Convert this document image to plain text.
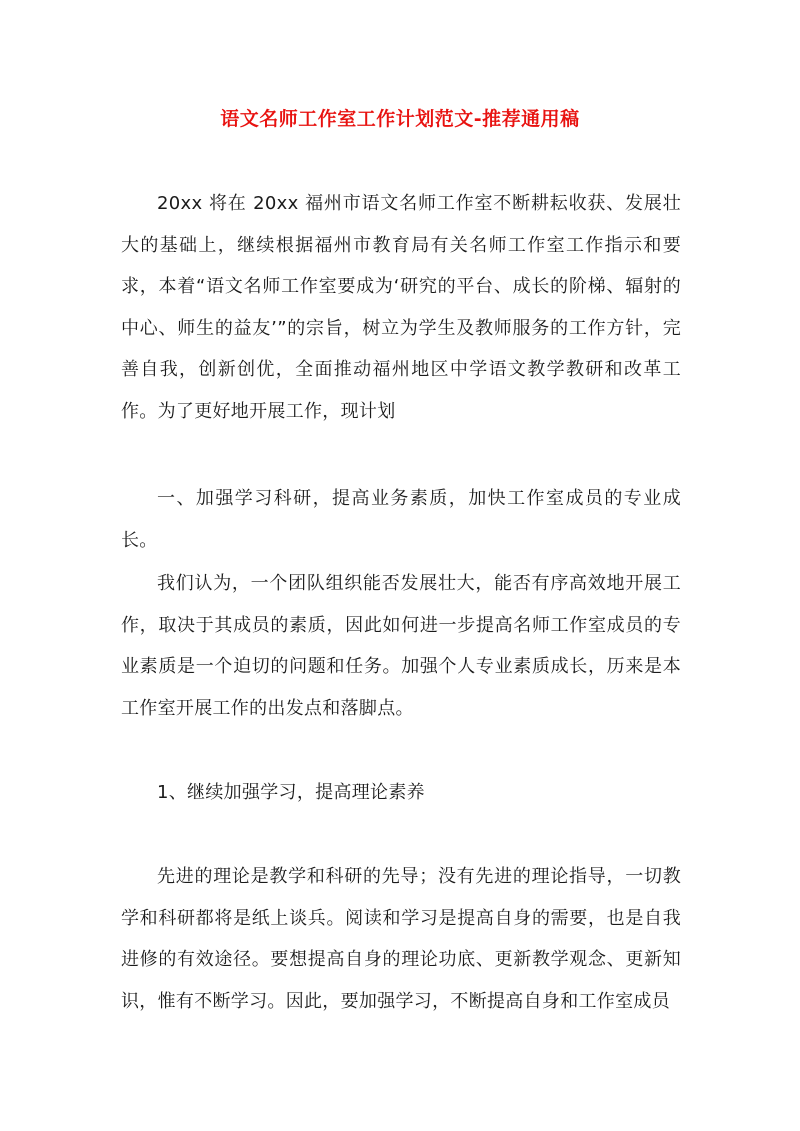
语文名师工作室工作计划范文-推荐通用稿

20xx 将在 20xx 福州市语文名师工作室不断耕耘收获、发展壮大的基础上，继续根据福州市教育局有关名师工作室工作指示和要求，本着“语文名师工作室要成为‘研究的平台、成长的阶梯、辐射的中心、师生的益友’”的宗旨，树立为学生及教师服务的工作方针，完善自我，创新创优，全面推动福州地区中学语文教学教研和改革工作。为了更好地开展工作，现计划

一、加强学习科研，提高业务素质，加快工作室成员的专业成长。

我们认为，一个团队组织能否发展壮大，能否有序高效地开展工作，取决于其成员的素质，因此如何进一步提高名师工作室成员的专业素质是一个迫切的问题和任务。加强个人专业素质成长，历来是本工作室开展工作的出发点和落脚点。

1、继续加强学习，提高理论素养

先进的理论是教学和科研的先导；没有先进的理论指导，一切教学和科研都将是纸上谈兵。阅读和学习是提高自身的需要，也是自我进修的有效途径。要想提高自身的理论功底、更新教学观念、更新知识，惟有不断学习。因此，要加强学习，不断提高自身和工作室成员
